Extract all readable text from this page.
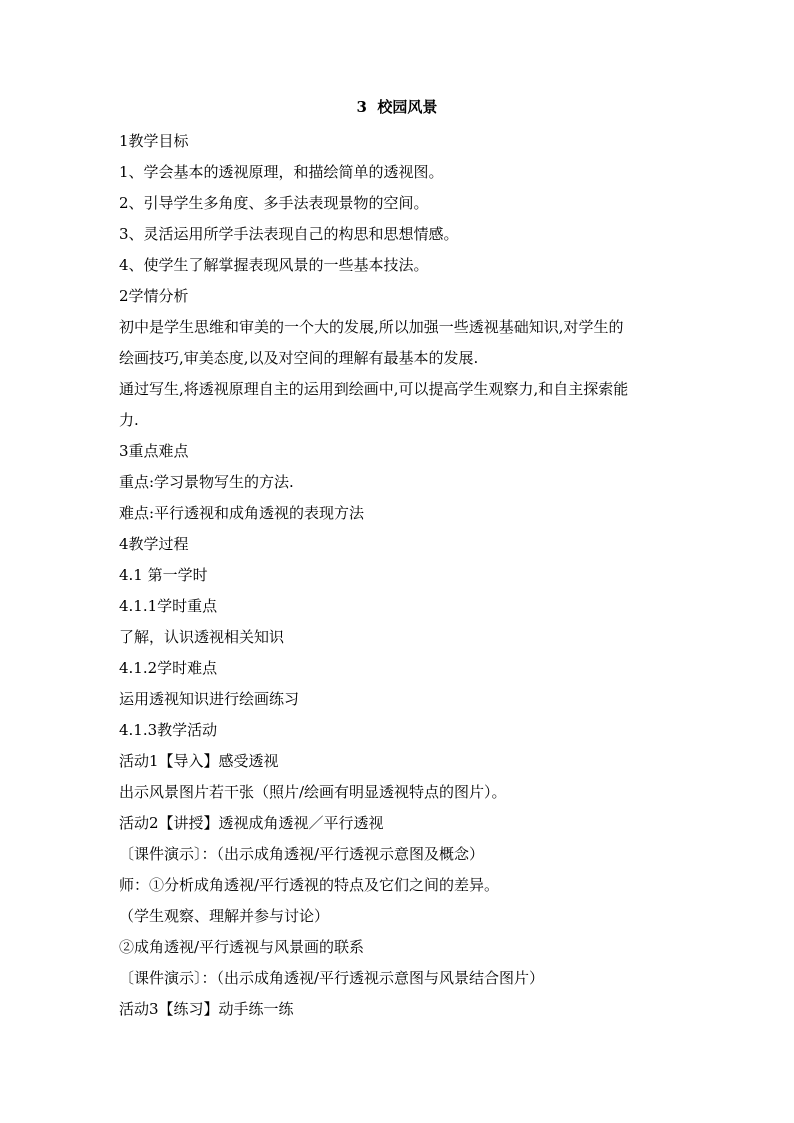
3  校园风景

1教学目标

1、学会基本的透视原理，和描绘简单的透视图。

2、引导学生多角度、多手法表现景物的空间。

3、灵活运用所学手法表现自己的构思和思想情感。

4、使学生了解掌握表现风景的一些基本技法。

2学情分析

初中是学生思维和审美的一个大的发展,所以加强一些透视基础知识,对学生的

绘画技巧,审美态度,以及对空间的理解有最基本的发展.

通过写生,将透视原理自主的运用到绘画中,可以提高学生观察力,和自主探索能

力.

3重点难点

重点:学习景物写生的方法.

难点:平行透视和成角透视的表现方法

4教学过程

4.1 第一学时

4.1.1学时重点

了解，认识透视相关知识

4.1.2学时难点

运用透视知识进行绘画练习

4.1.3教学活动

活动1【导入】感受透视

出示风景图片若干张（照片/绘画有明显透视特点的图片）。

活动2【讲授】透视成角透视／平行透视

〔课件演示〕：（出示成角透视/平行透视示意图及概念）

师：①分析成角透视/平行透视的特点及它们之间的差异。

（学生观察、理解并参与讨论）

②成角透视/平行透视与风景画的联系

〔课件演示〕：（出示成角透视/平行透视示意图与风景结合图片）

活动3【练习】动手练一练
